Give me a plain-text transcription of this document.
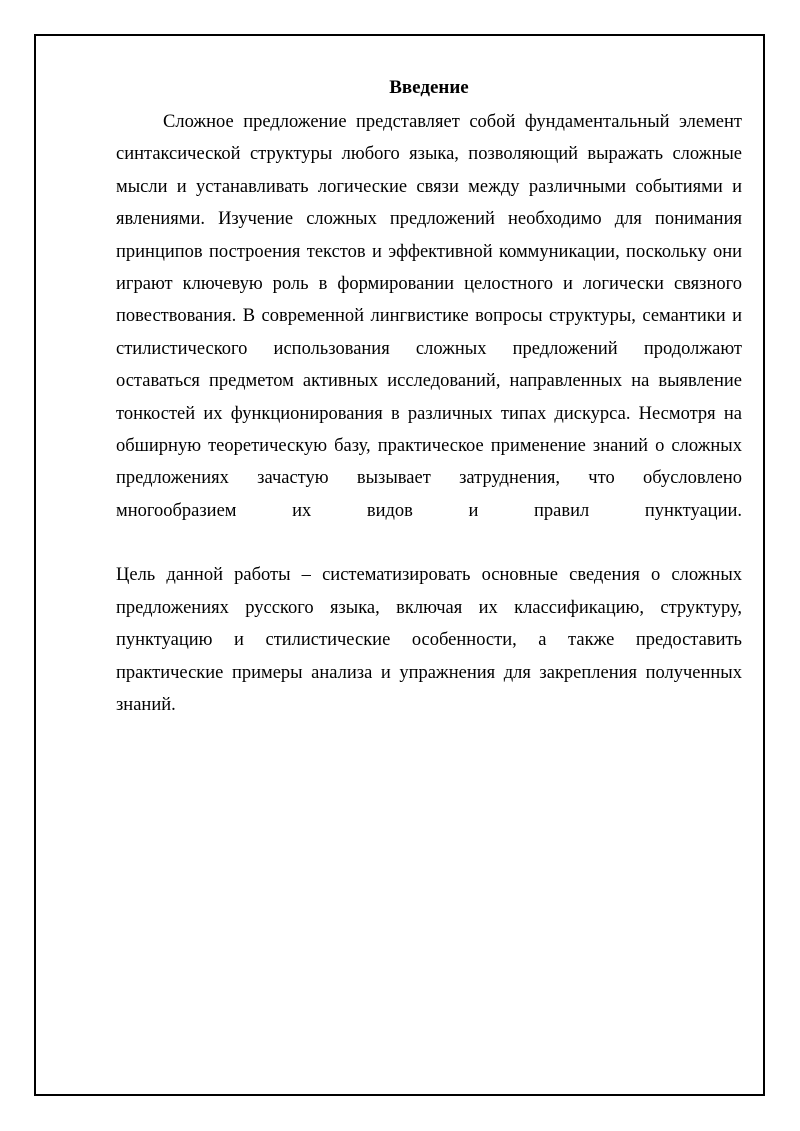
Введение

Сложное предложение представляет собой фундаментальный элемент синтаксической структуры любого языка, позволяющий выражать сложные мысли и устанавливать логические связи между различными событиями и явлениями. Изучение сложных предложений необходимо для понимания принципов построения текстов и эффективной коммуникации, поскольку они играют ключевую роль в формировании целостного и логически связного повествования. В современной лингвистике вопросы структуры, семантики и стилистического использования сложных предложений продолжают оставаться предметом активных исследований, направленных на выявление тонкостей их функционирования в различных типах дискурса. Несмотря на обширную теоретическую базу, практическое применение знаний о сложных предложениях зачастую вызывает затруднения, что обусловлено многообразием их видов и правил пунктуации.

Цель данной работы – систематизировать основные сведения о сложных предложениях русского языка, включая их классификацию, структуру, пунктуацию и стилистические особенности, а также предоставить практические примеры анализа и упражнения для закрепления полученных знаний.
